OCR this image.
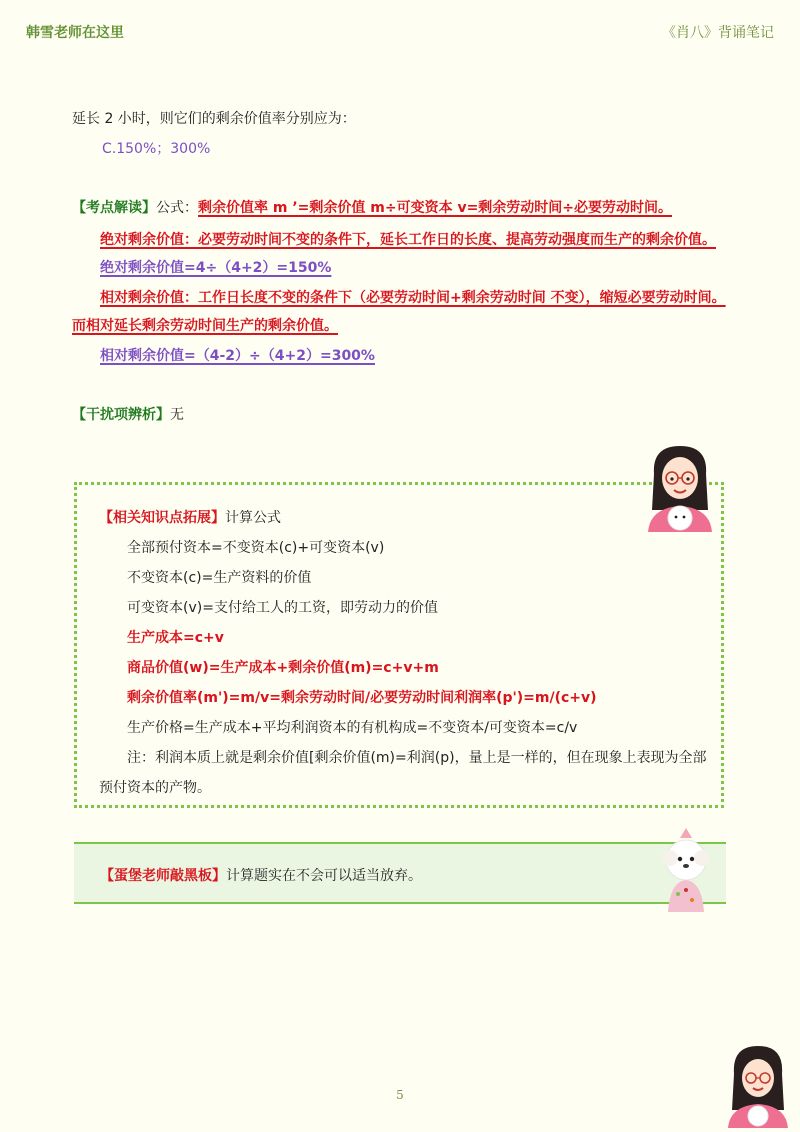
韩雪老师在这里	《肖八》背诵笔记
延长 2 小时，则它们的剩余价值率分别应为：
C.150%；300%
【考点解读】公式：剩余价值率 m ’=剩余价值 m÷可变资本 v=剩余劳动时间÷必要劳动时间。
绝对剩余价值：必要劳动时间不变的条件下，延长工作日的长度、提高劳动强度而生产的剩余价值。
绝对剩余价值=4÷（4+2）=150%
相对剩余价值：工作日长度不变的条件下（必要劳动时间+剩余劳动时间 不变），缩短必要劳动时间。
而相对延长剩余劳动时间生产的剩余价值。
相对剩余价值=（4-2）÷（4+2）=300%
【干扰项辨析】无
【相关知识点拓展】计算公式
全部预付资本=不变资本(c)+可变资本(v)
不变资本(c)=生产资料的价值
可变资本(v)=支付给工人的工资，即劳动力的价值
生产成本=c+v
商品价值(w)=生产成本+剩余价值(m)=c+v+m
剩余价值率(m')=m/v=剩余劳动时间/必要劳动时间利润率(p')=m/(c+v)
生产价格=生产成本+平均利润资本的有机构成=不变资本/可变资本=c/v
注：利润本质上就是剩余价值[剩余价值(m)=利润(p)，量上是一样的，但在现象上表现为全部
预付资本的产物。
【蛋堡老师敲黑板】计算题实在不会可以适当放弃。
5
